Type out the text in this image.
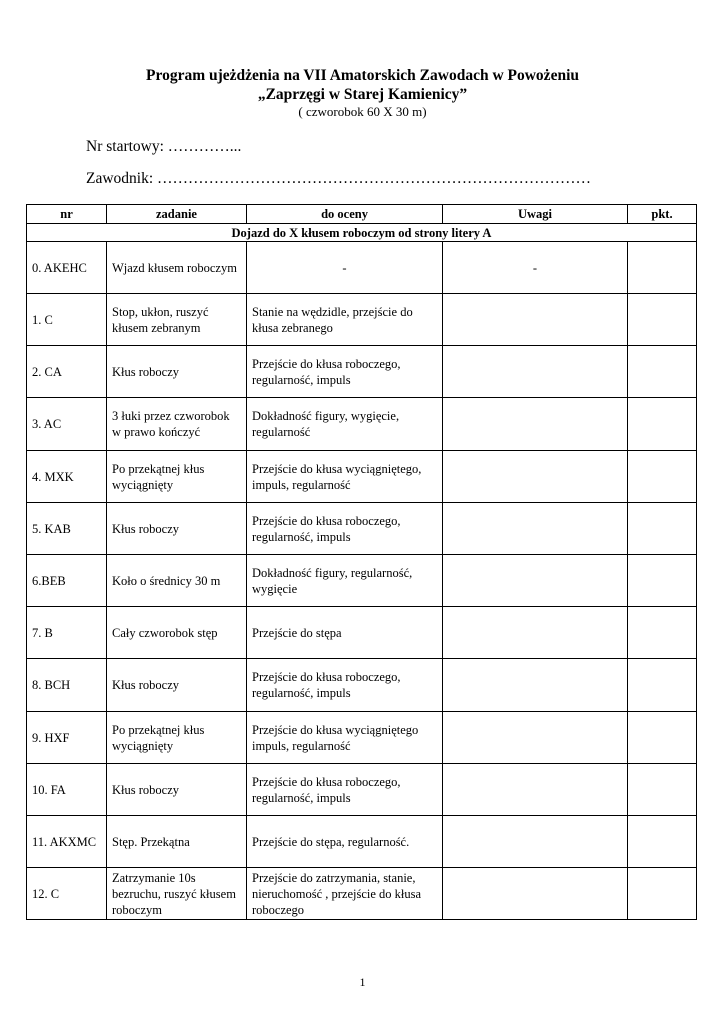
Program ujeżdżenia na VII Amatorskich Zawodach w Powożeniu
„Zaprzęgi w Starej Kamienicy”
( czworobok 60 X 30 m)
Nr startowy: …………...
Zawodnik: …………………………………………………………………………
nr	zadanie	do oceny	Uwagi	pkt.
Dojazd do X kłusem roboczym od strony litery A				
0. AKEHC	Wjazd kłusem roboczym	-	-	
1. C	Stop, ukłon, ruszyć kłusem zebranym	Stanie na wędzidle, przejście do kłusa zebranego		
2. CA	Kłus roboczy	Przejście do kłusa roboczego, regularność, impuls		
3. AC	3 łuki przez czworobok w prawo kończyć	Dokładność figury, wygięcie, regularność		
4. MXK	Po przekątnej kłus wyciągnięty	Przejście do kłusa wyciągniętego, impuls, regularność		
5. KAB	Kłus roboczy	Przejście do kłusa roboczego, regularność, impuls		
6.BEB	Koło o średnicy 30 m	Dokładność figury, regularność, wygięcie		
7. B	Cały czworobok stęp	Przejście do stępa		
8. BCH	Kłus roboczy	Przejście do kłusa roboczego, regularność, impuls		
9. HXF	Po przekątnej kłus wyciągnięty	Przejście do kłusa wyciągniętego impuls, regularność		
10. FA	Kłus roboczy	Przejście do kłusa roboczego, regularność, impuls		
11. AKXMC	Stęp. Przekątna	Przejście do stępa, regularność.		
12. C	Zatrzymanie 10s bezruchu, ruszyć kłusem roboczym	Przejście do zatrzymania, stanie, nieruchomość , przejście do kłusa roboczego		
1
